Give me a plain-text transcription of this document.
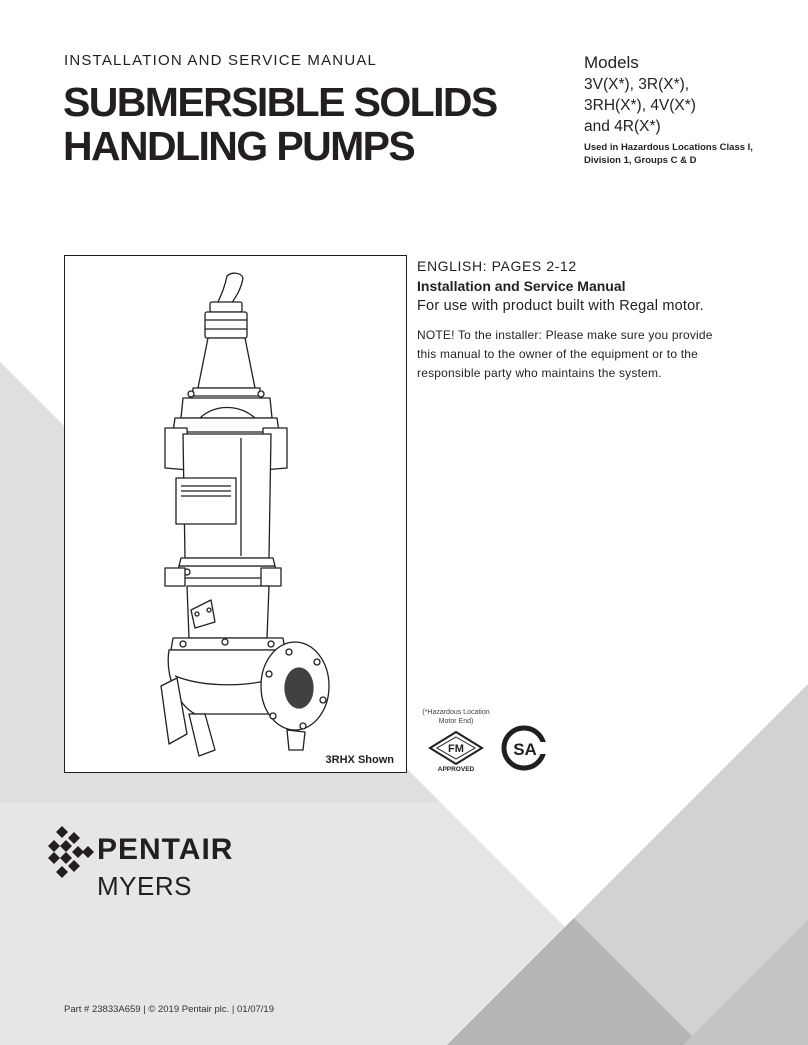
INSTALLATION AND SERVICE MANUAL
SUBMERSIBLE SOLIDS
HANDLING PUMPS
Models
3V(X*), 3R(X*),
3RH(X*), 4V(X*)
and 4R(X*)
Used in Hazardous Locations Class I,
Division 1, Groups C & D
3RHX Shown
ENGLISH: PAGES 2-12
Installation and Service Manual
For use with product built with Regal motor.
NOTE! To the installer: Please make sure you provide
this manual to the owner of the equipment or to the
responsible party who maintains the system.
(*Hazardous Location
Motor End)
FM
APPROVED
SA
PENTAIR
MYERS
Part # 23833A659 | © 2019 Pentair plc. | 01/07/19
